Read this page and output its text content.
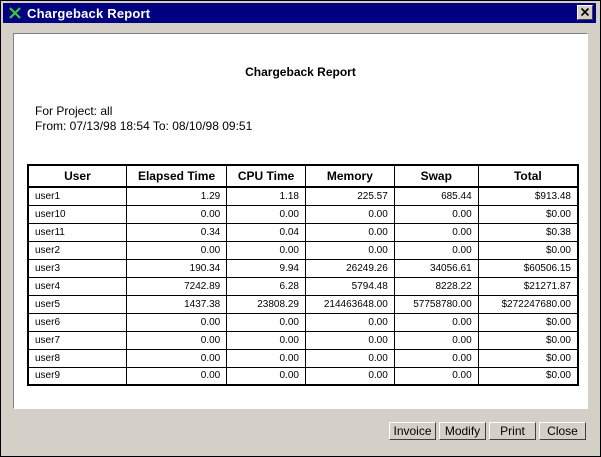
Chargeback Report
Chargeback Report
For Project: all
From: 07/13/98 18:54 To: 08/10/98 09:51
User	Elapsed Time	CPU Time	Memory	Swap	Total
user1	1.29	1.18	225.57	685.44	$913.48
user10	0.00	0.00	0.00	0.00	$0.00
user11	0.34	0.04	0.00	0.00	$0.38
user2	0.00	0.00	0.00	0.00	$0.00
user3	190.34	9.94	26249.26	34056.61	$60506.15
user4	7242.89	6.28	5794.48	8228.22	$21271.87
user5	1437.38	23808.29	214463648.00	57758780.00	$272247680.00
user6	0.00	0.00	0.00	0.00	$0.00
user7	0.00	0.00	0.00	0.00	$0.00
user8	0.00	0.00	0.00	0.00	$0.00
user9	0.00	0.00	0.00	0.00	$0.00
Invoice	Modify	Print	Close
